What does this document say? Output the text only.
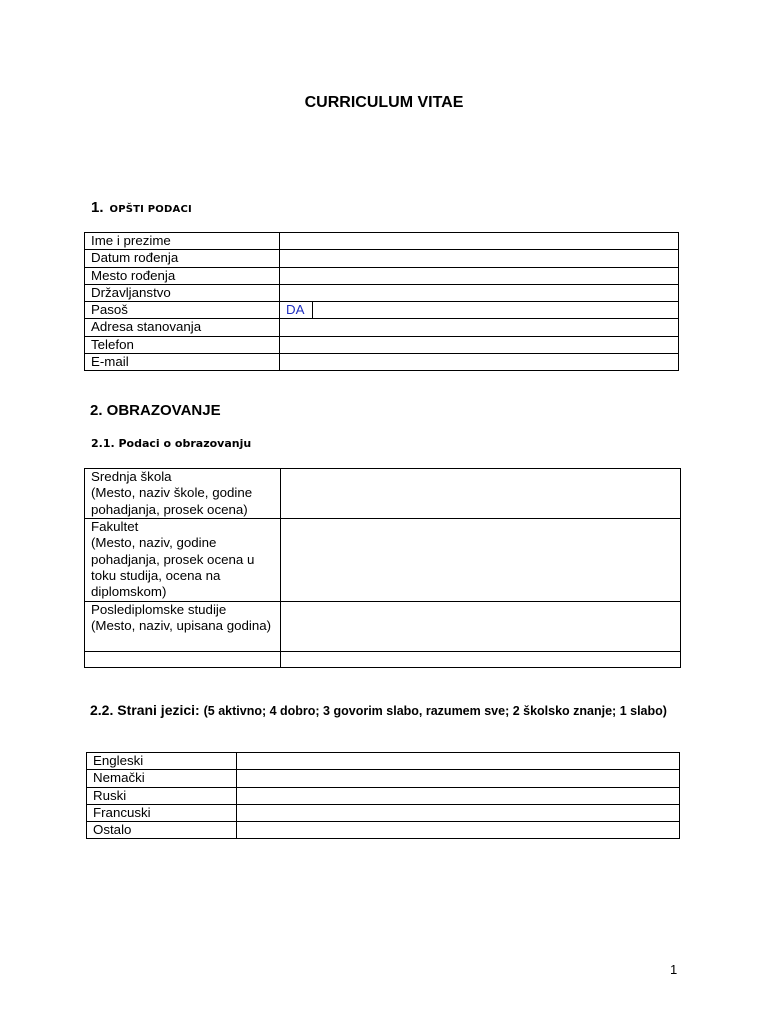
CURRICULUM VITAE
1. OPŠTI PODACI
Ime i prezime	
Datum rođenja	
Mesto rođenja	
Državljanstvo	
Pasoš	DA
Adresa stanovanja	
Telefon	
E-mail	
2. OBRAZOVANJE
2.1. Podaci o obrazovanju
Srednja škola
(Mesto, naziv škole, godine pohadjanja, prosek ocena)	
Fakultet
(Mesto, naziv, godine pohadjanja, prosek ocena u toku studija, ocena na diplomskom)	
Poslediplomske studije
(Mesto, naziv, upisana godina)	

2.2. Strani jezici: (5 aktivno; 4 dobro; 3 govorim slabo, razumem sve; 2 školsko znanje; 1 slabo)
Engleski	
Nemački	
Ruski	
Francuski	
Ostalo	
1
